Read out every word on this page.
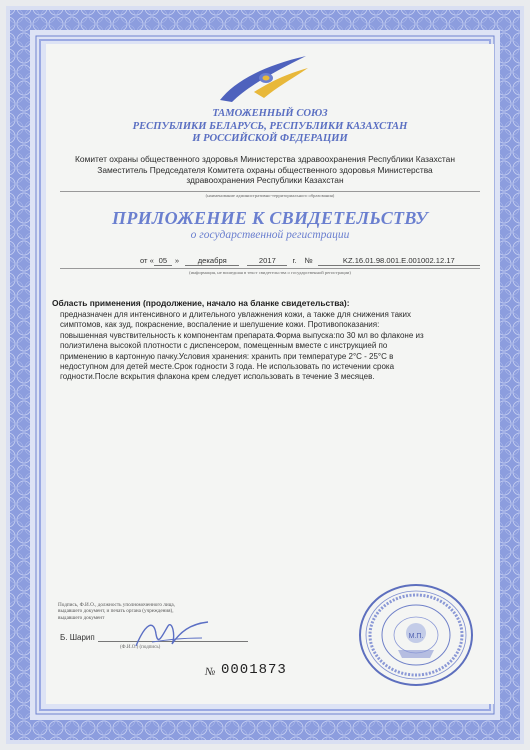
ТАМОЖЕННЫЙ СОЮЗ
РЕСПУБЛИКИ БЕЛАРУСЬ, РЕСПУБЛИКИ КАЗАХСТАН
И РОССИЙСКОЙ ФЕДЕРАЦИИ
Комитет охраны общественного здоровья Министерства здравоохранения Республики Казахстан
Заместитель Председателя Комитета охраны общественного здоровья Министерства
здравоохранения Республики Казахстан
(наименование административно-территориального образования)
ПРИЛОЖЕНИЕ К СВИДЕТЕЛЬСТВУ
о государственной регистрации
от « 05 » декабря	2017 г. №	KZ.16.01.98.001.Е.001002.12.17
(информация, не вошедшая в текст свидетельства о государственной регистрации)
Область применения (продолжение, начало на бланке свидетельства):
предназначен для интенсивного и длительного увлажнения кожи, а также для снижения таких
симптомов, как зуд, покраснение, воспаление и шелушение кожи. Противопоказания:
повышенная чувствительность к компонентам препарата.Форма выпуска:по 30 мл во флаконе из
полиэтилена высокой плотности с диспенсером, помещенным вместе с инструкцией по
применению в картонную пачку.Условия хранения: хранить при температуре 2°С - 25°С в
недоступном для детей месте.Срок годности 3 года. Не использовать по истечении срока
годности.После вскрытия флакона крем следует использовать в течение 3 месяцев.
Подпись, Ф.И.О., должность уполномоченного лица,
выдавшего документ, и печать органа (учреждения),
выдавшего документ
Б. Шарип
(Ф.И.О.) (подпись)
№ 0001873
М.П.
